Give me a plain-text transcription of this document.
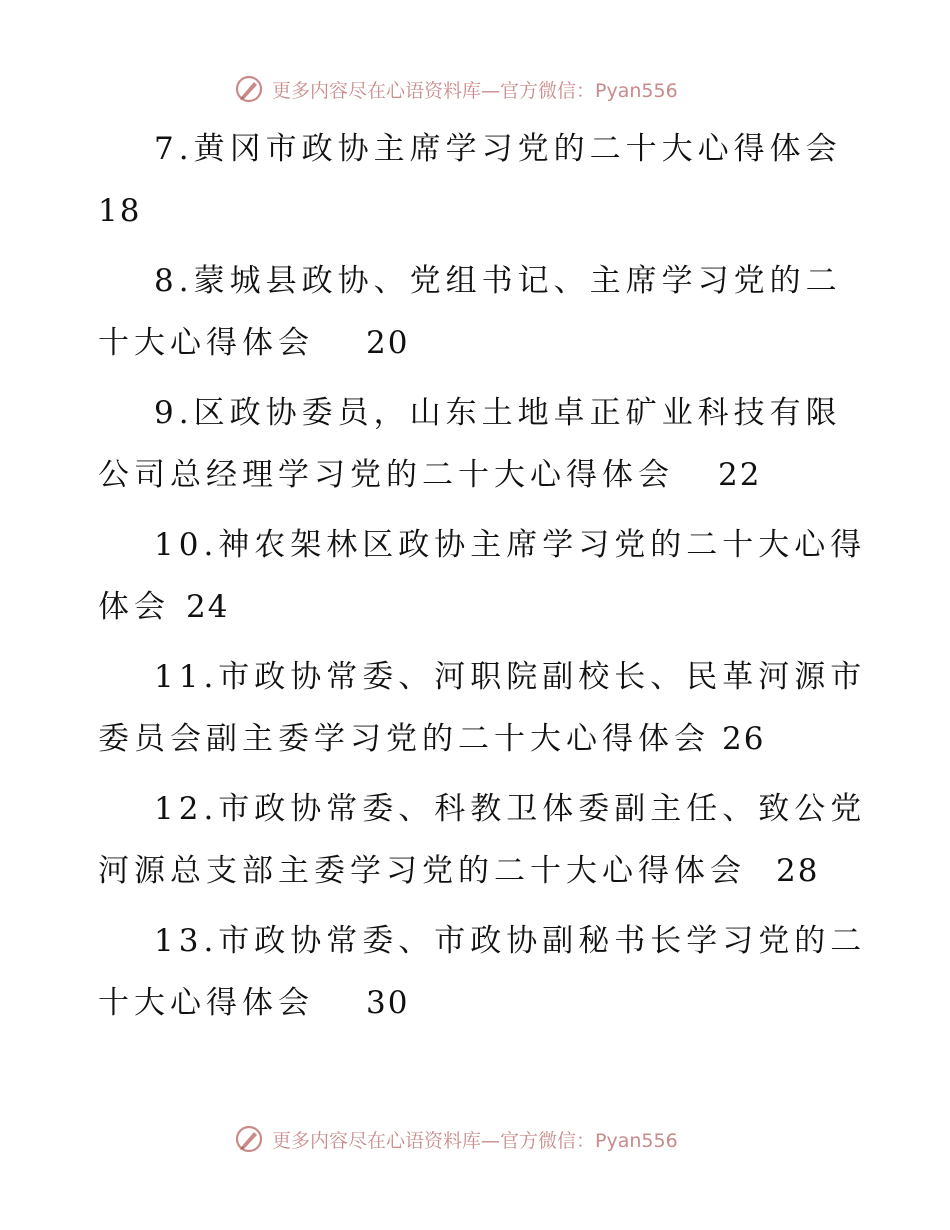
更多内容尽在心语资料库—官方微信：Pyan556
7.黄冈市政协主席学习党的二十大心得体会
18
8.蒙城县政协、党组书记、主席学习党的二十大心得体会 20
9.区政协委员，山东土地卓正矿业科技有限公司总经理学习党的二十大心得体会 22
10.神农架林区政协主席学习党的二十大心得体会 24
11.市政协常委、河职院副校长、民革河源市委员会副主委学习党的二十大心得体会 26
12.市政协常委、科教卫体委副主任、致公党河源总支部主委学习党的二十大心得体会 28
13.市政协常委、市政协副秘书长学习党的二十大心得体会 30
更多内容尽在心语资料库—官方微信：Pyan556
